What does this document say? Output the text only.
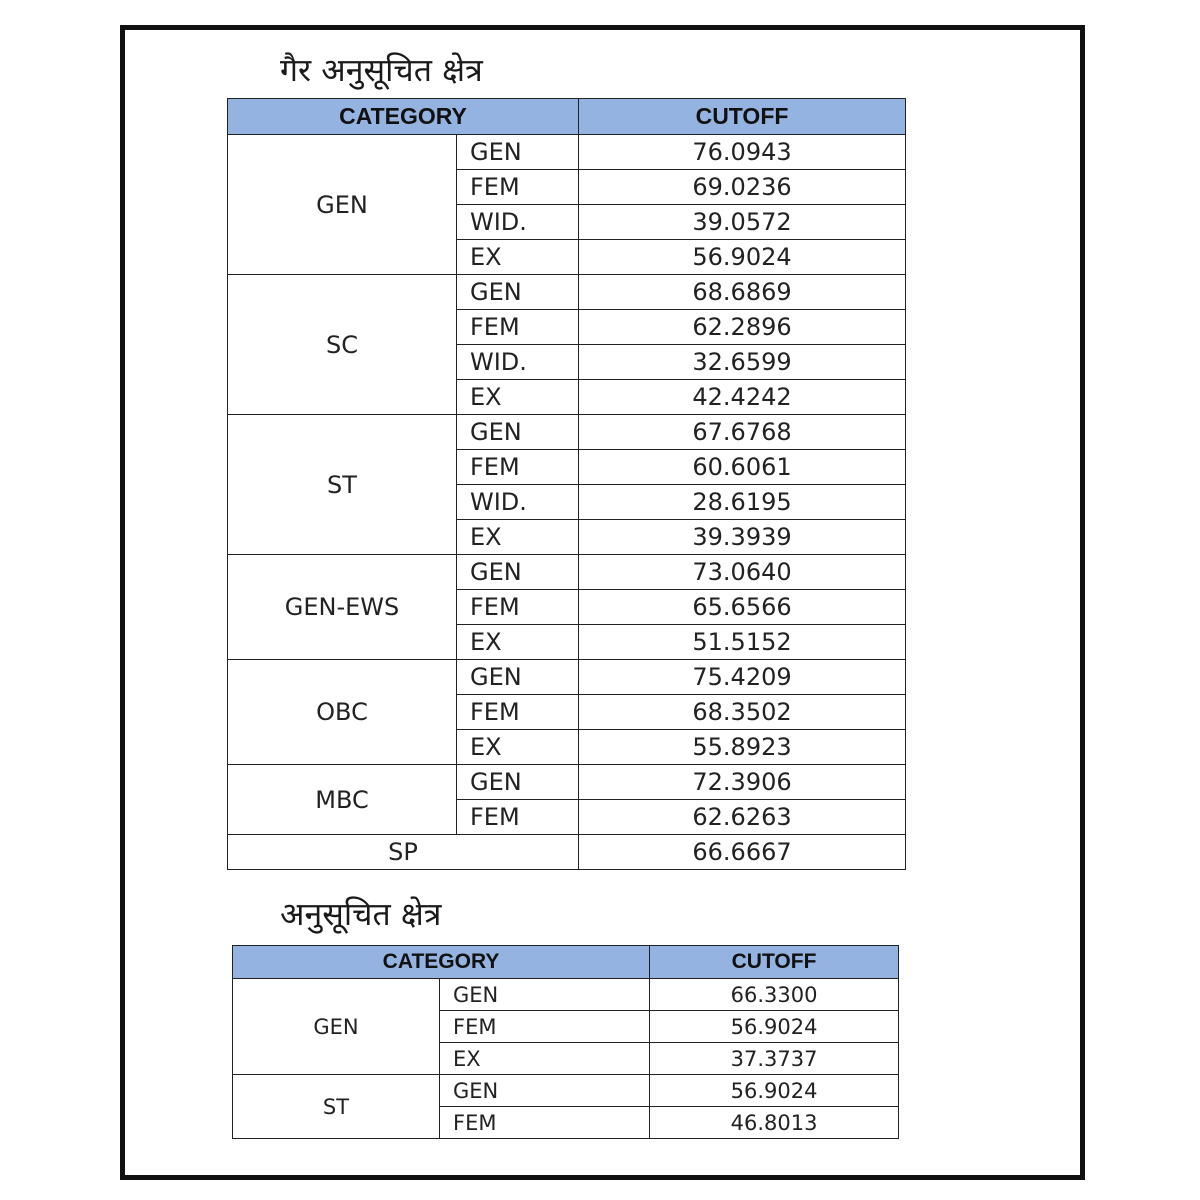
गैर अनुसूचित क्षेत्र
CATEGORY		CUTOFF
GEN	GEN	76.0943
	FEM	69.0236
	WID.	39.0572
	EX	56.9024
SC	GEN	68.6869
	FEM	62.2896
	WID.	32.6599
	EX	42.4242
ST	GEN	67.6768
	FEM	60.6061
	WID.	28.6195
	EX	39.3939
GEN-EWS	GEN	73.0640
	FEM	65.6566
	EX	51.5152
OBC	GEN	75.4209
	FEM	68.3502
	EX	55.8923
MBC	GEN	72.3906
	FEM	62.6263
SP		66.6667
अनुसूचित क्षेत्र
CATEGORY		CUTOFF
GEN	GEN	66.3300
	FEM	56.9024
	EX	37.3737
ST	GEN	56.9024
	FEM	46.8013
